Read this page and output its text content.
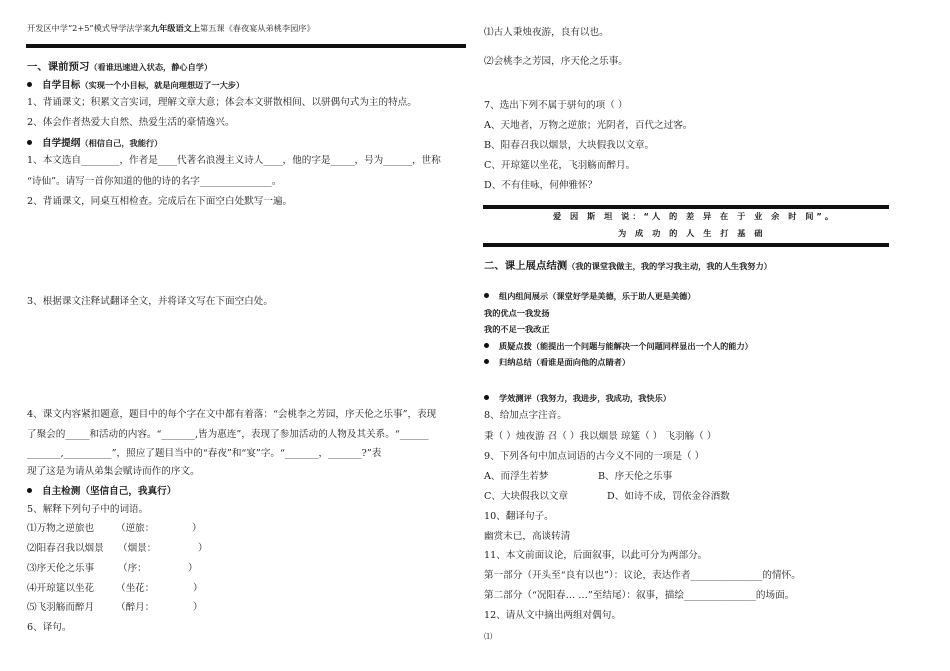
开发区中学“2+5”模式导学法学案九年级语文上第五课《春夜宴从弟桃李园序》
一、课前预习（看谁迅速进入状态，静心自学）
自学目标（实现一个小目标，就是向理想迈了一大步）
1、背诵课文；积累文言实词，理解文章大意；体会本文骈散相间、以骈偶句式为主的特点。
2、体会作者热爱大自然、热爱生活的豪情逸兴。
自学提纲（相信自己，我能行）
1、本文选自________，作者是____代著名浪漫主义诗人____，他的字是_____，号为______，世称
“诗仙”。请写一首你知道的他的诗的名字_______________。
2、背诵课文，同桌互相检查。完成后在下面空白处默写一遍。
3、根据课文注释试翻译全文，并将译文写在下面空白处。
4、课文内容紧扣题意，题目中的每个字在文中都有着落：“会桃李之芳园，序天伦之乐事”，表现
了聚会的_____和活动的内容。“_______,皆为惠连”，表现了参加活动的人物及其关系。“______
_______,__________”，照应了题目当中的“春夜”和“宴”字。“_______，_______?”表
现了这是为请从弟集会赋诗而作的序文。
自主检测（坚信自己，我真行）
5、解释下列句子中的词语。
⑴万物之逆旅也 （逆旅：	）
⑵阳春召我以烟景 （烟景：	）
⑶序天伦之乐事 （序：	）
⑷开琼筵以坐花 （坐花：	）
⑸飞羽觞而醉月 （醉月：	）
6、译句。
⑴古人秉烛夜游，良有以也。
⑵会桃李之芳园，序天伦之乐事。
7、选出下列不属于骈句的项（ ）
A、天地者，万物之逆旅；光阴者，百代之过客。
B、阳春召我以烟景，大块假我以文章。
C、开琼筵以坐花，飞羽觞而醉月。
D、不有佳咏，何伸雅怀？
爱 因 斯 坦 说：“人 的 差 异 在 于 业 余 时 间”。
为 成 功 的 人 生 打 基 础
二、课上展点结测（我的课堂我做主，我的学习我主动，我的人生我努力）
组内组间展示（课堂好学是美德，乐于助人更是美德）
我的优点一我发扬
我的不足一我改正
质疑点拨（能提出一个问题与能解决一个问题同样显出一个人的能力）
归纳总结（看谁是面向他的点睛者）
学效测评（我努力，我进步，我成功，我快乐）
8、给加点字注音。
秉（ ）烛夜游 召（ ）我以烟景 琼筵（ ） 飞羽觞（ ）
9、下列各句中加点词语的古今义不同的一项是（ ）
A、而浮生若梦	B、序天伦之乐事
C、大块假我以文章	D、如诗不成，罚依金谷酒数
10、翻译句子。
幽赏未已，高谈转清
11、本文前面议论，后面叙事，以此可分为两部分。
第一部分（开头至“良有以也”）：议论，表达作者_______________的情怀。
第二部分（“况阳春… …”至结尾）：叙事，描绘_______________的场面。
12、请从文中摘出两组对偶句。
⑴
